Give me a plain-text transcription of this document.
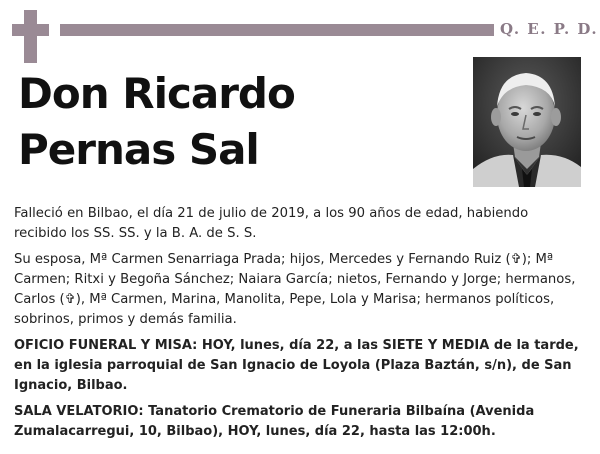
Q. E. P. D.
Don Ricardo
Pernas Sal

Falleció en Bilbao, el día 21 de julio de 2019, a los 90 años de edad, habiendo recibido los SS. SS. y la B. A. de S. S.

Su esposa, Mª Carmen Senarriaga Prada; hijos, Mercedes y Fernando Ruiz (✞); Mª Carmen; Ritxi y Begoña Sánchez; Naiara García; nietos, Fernando y Jorge; hermanos, Carlos (✞), Mª Carmen, Marina, Manolita, Pepe, Lola y Marisa; hermanos políticos, sobrinos, primos y demás familia.

OFICIO FUNERAL Y MISA: HOY, lunes, día 22, a las SIETE Y MEDIA de la tarde, en la iglesia parroquial de San Ignacio de Loyola (Plaza Baztán, s/n), de San Ignacio, Bilbao.

SALA VELATORIO: Tanatorio Crematorio de Funeraria Bilbaína (Avenida Zumalacarregui, 10, Bilbao), HOY, lunes, día 22, hasta las 12:00h.
